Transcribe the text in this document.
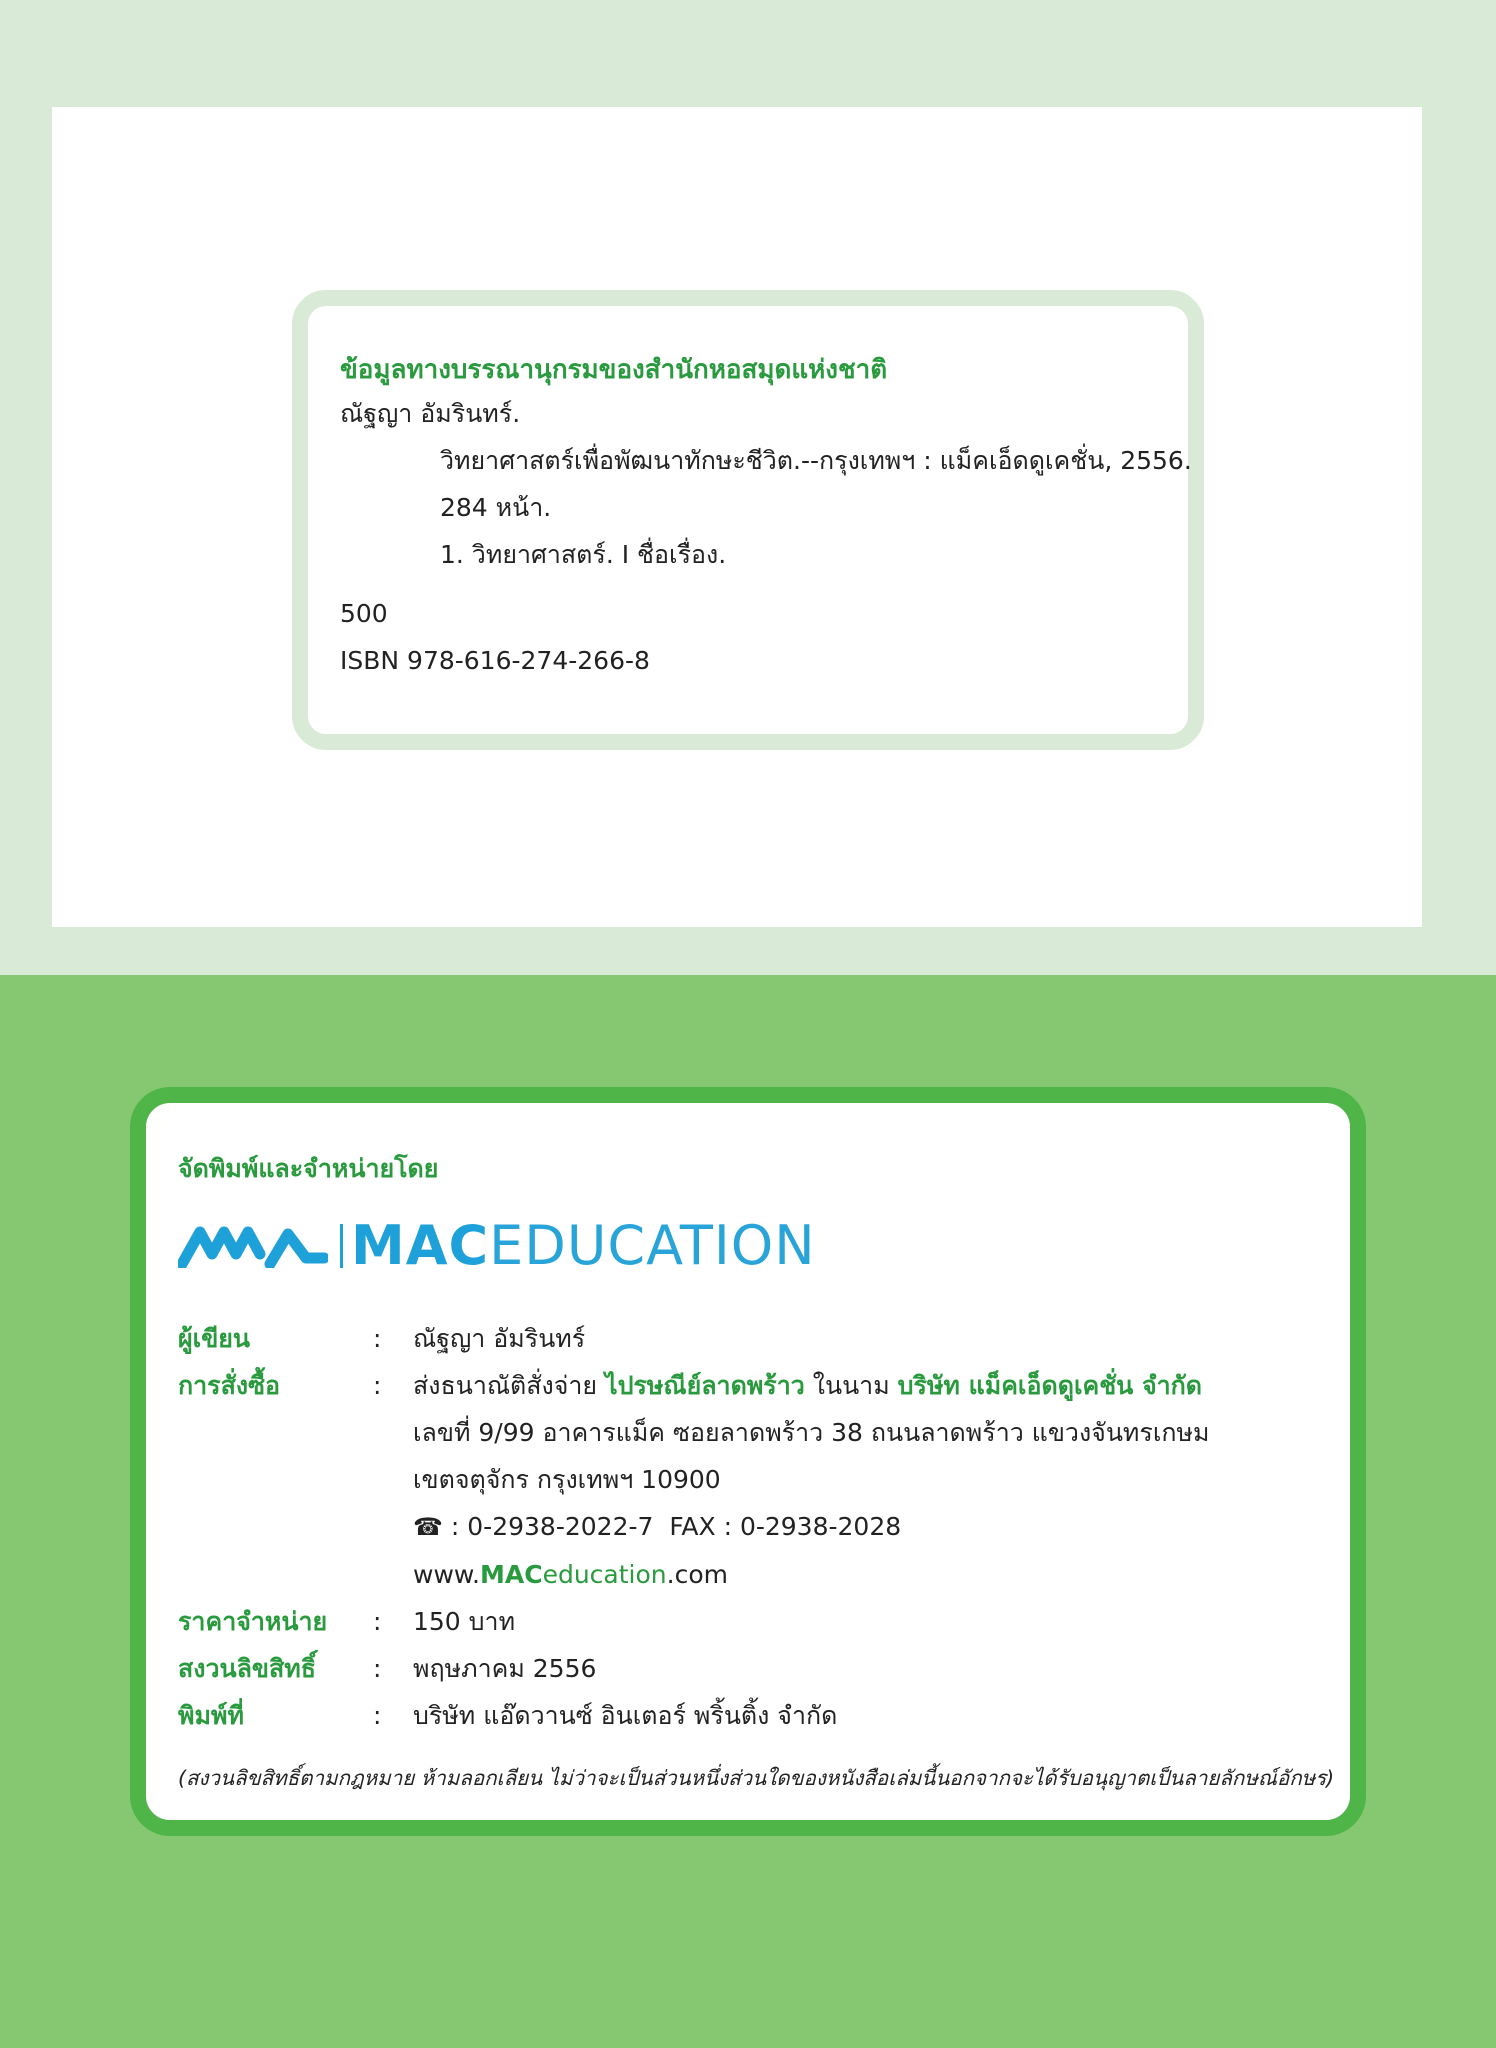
ข้อมูลทางบรรณานุกรมของสำนักหอสมุดแห่งชาติ
ณัฐญา อัมรินทร์.
วิทยาศาสตร์เพื่อพัฒนาทักษะชีวิต.--กรุงเทพฯ : แม็คเอ็ดดูเคชั่น, 2556.
284 หน้า.
1. วิทยาศาสตร์. I ชื่อเรื่อง.
500
ISBN 978-616-274-266-8
จัดพิมพ์และจำหน่ายโดย
MACEDUCATION
ผู้เขียน	:	ณัฐญา อัมรินทร์
การสั่งซื้อ	:	ส่งธนาณัติสั่งจ่าย ไปรษณีย์ลาดพร้าว ในนาม บริษัท แม็คเอ็ดดูเคชั่น จำกัด
เลขที่ 9/99 อาคารแม็ค ซอยลาดพร้าว 38 ถนนลาดพร้าว แขวงจันทรเกษม
เขตจตุจักร กรุงเทพฯ 10900
☎ : 0-2938-2022-7 FAX : 0-2938-2028
www.MACeducation.com
ราคาจำหน่าย	:	150 บาท
สงวนลิขสิทธิ์	:	พฤษภาคม 2556
พิมพ์ที่	:	บริษัท แอ๊ดวานซ์ อินเตอร์ พริ้นติ้ง จำกัด
(สงวนลิขสิทธิ์ตามกฎหมาย ห้ามลอกเลียน ไม่ว่าจะเป็นส่วนหนึ่งส่วนใดของหนังสือเล่มนี้นอกจากจะได้รับอนุญาตเป็นลายลักษณ์อักษร)
